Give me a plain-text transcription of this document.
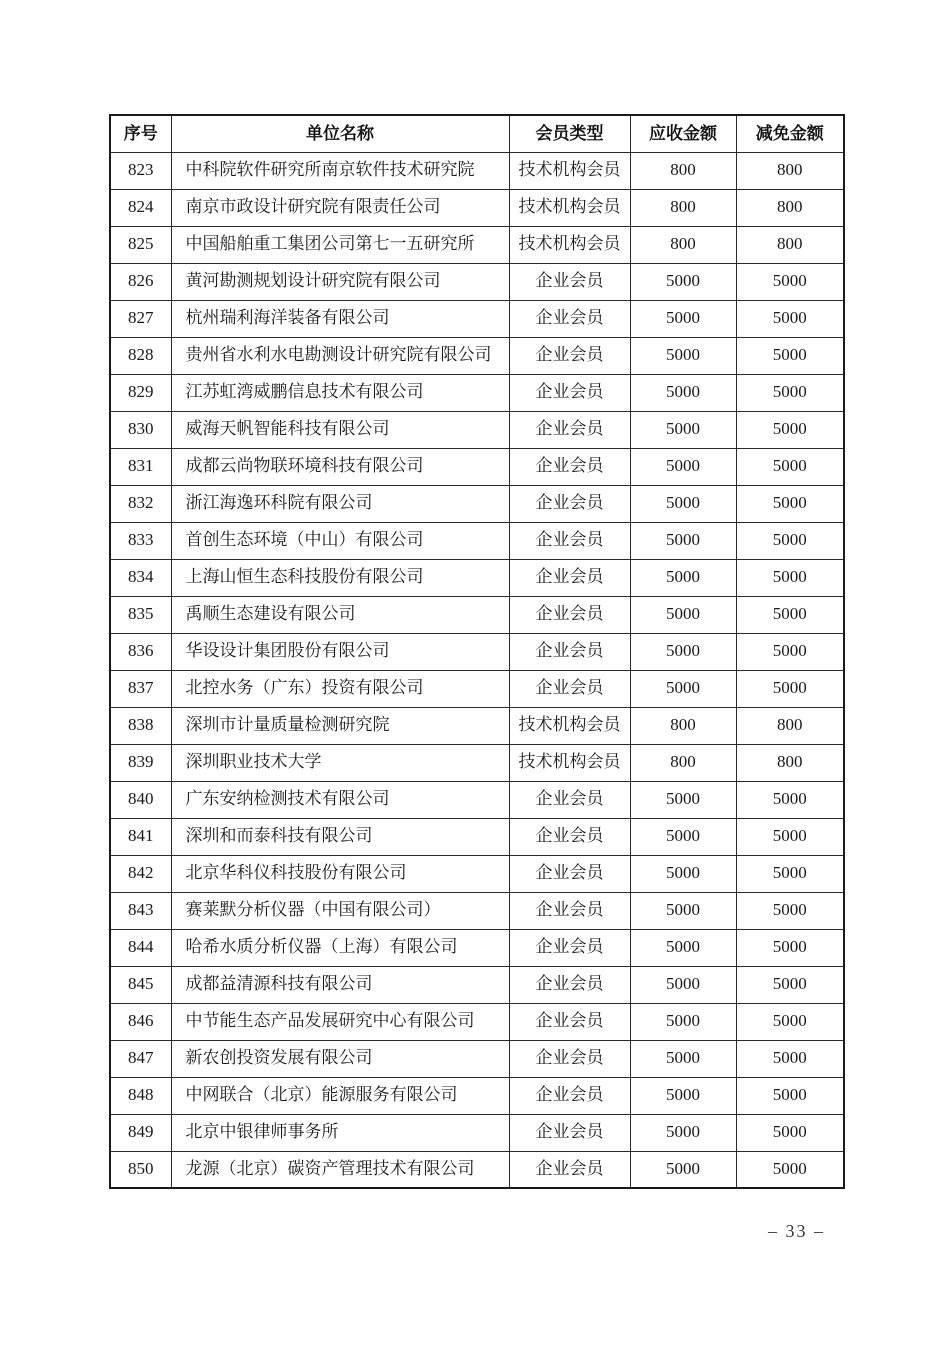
序号	单位名称	会员类型	应收金额	减免金额
823	中科院软件研究所南京软件技术研究院	技术机构会员	800	800
824	南京市政设计研究院有限责任公司	技术机构会员	800	800
825	中国船舶重工集团公司第七一五研究所	技术机构会员	800	800
826	黄河勘测规划设计研究院有限公司	企业会员	5000	5000
827	杭州瑞利海洋装备有限公司	企业会员	5000	5000
828	贵州省水利水电勘测设计研究院有限公司	企业会员	5000	5000
829	江苏虹湾威鹏信息技术有限公司	企业会员	5000	5000
830	威海天帆智能科技有限公司	企业会员	5000	5000
831	成都云尚物联环境科技有限公司	企业会员	5000	5000
832	浙江海逸环科院有限公司	企业会员	5000	5000
833	首创生态环境（中山）有限公司	企业会员	5000	5000
834	上海山恒生态科技股份有限公司	企业会员	5000	5000
835	禹顺生态建设有限公司	企业会员	5000	5000
836	华设设计集团股份有限公司	企业会员	5000	5000
837	北控水务（广东）投资有限公司	企业会员	5000	5000
838	深圳市计量质量检测研究院	技术机构会员	800	800
839	深圳职业技术大学	技术机构会员	800	800
840	广东安纳检测技术有限公司	企业会员	5000	5000
841	深圳和而泰科技有限公司	企业会员	5000	5000
842	北京华科仪科技股份有限公司	企业会员	5000	5000
843	赛莱默分析仪器（中国有限公司）	企业会员	5000	5000
844	哈希水质分析仪器（上海）有限公司	企业会员	5000	5000
845	成都益清源科技有限公司	企业会员	5000	5000
846	中节能生态产品发展研究中心有限公司	企业会员	5000	5000
847	新农创投资发展有限公司	企业会员	5000	5000
848	中网联合（北京）能源服务有限公司	企业会员	5000	5000
849	北京中银律师事务所	企业会员	5000	5000
850	龙源（北京）碳资产管理技术有限公司	企业会员	5000	5000
– 33 –
